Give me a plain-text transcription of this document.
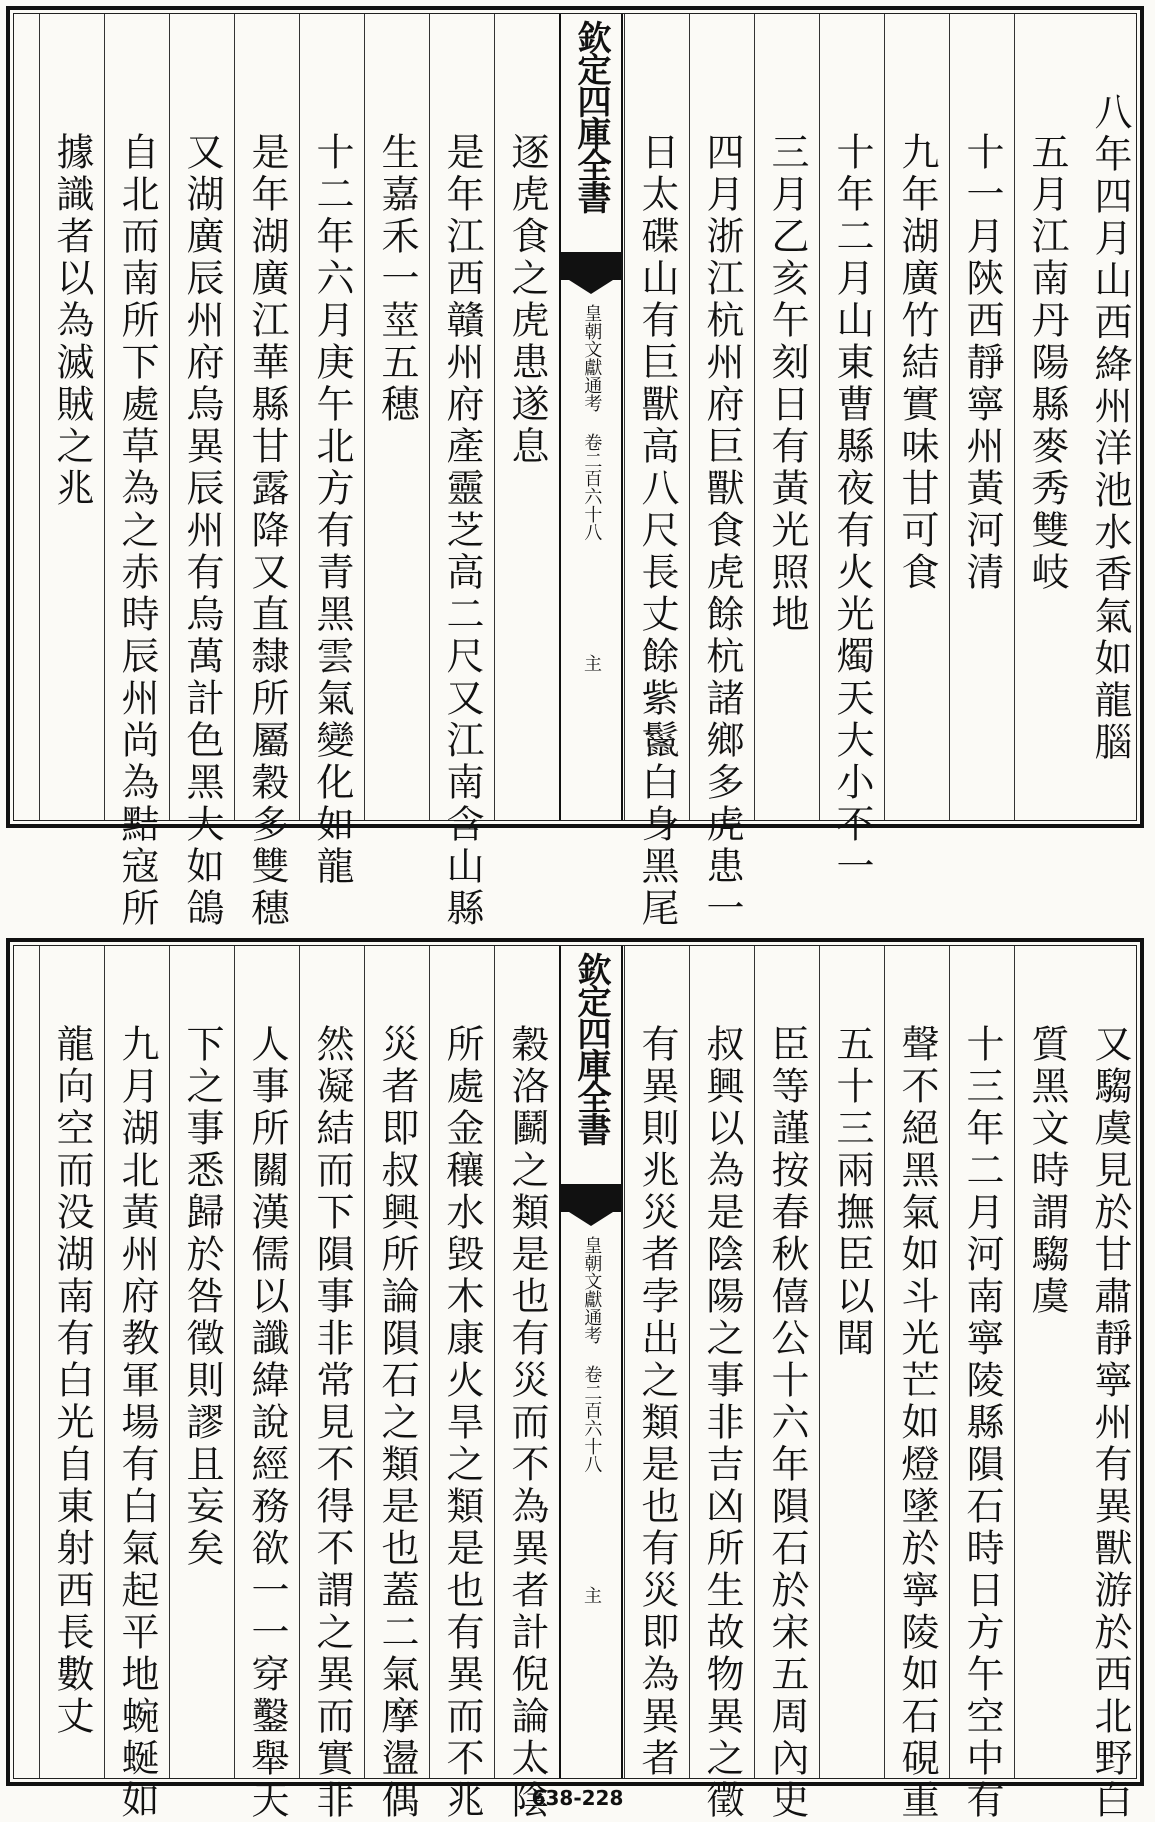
八年四月山西絳州洋池水香氣如龍腦
五月江南丹陽縣麥秀雙岐
十一月陝西靜寧州黃河清
九年湖廣竹結實味甘可食
十年二月山東曹縣夜有火光燭天大小不一
三月乙亥午刻日有黃光照地
四月浙江杭州府巨獸食虎餘杭諸鄉多虎患一
欽定四庫全書
皇朝文獻通考 卷二百六十八
主 日太碟山有巨獸高八尺長丈餘紫鬣白身黑尾
逐虎食之虎患遂息
是年江西贛州府產靈芝高二尺又江南含山縣
生嘉禾一莖五穗
十二年六月庚午北方有青黑雲氣變化如龍
是年湖廣江華縣甘露降又直隸所屬穀多雙穗
又湖廣辰州府烏異辰州有烏萬計色黑大如鴿
自北而南所下處草為之赤時辰州尚為黠寇所
據識者以為滅賊之兆
又騶虞見於甘肅靜寧州有異獸游於西北野白
質黑文時謂騶虞
十三年二月河南寧陵縣隕石時日方午空中有
聲不絕黑氣如斗光芒如燈墜於寧陵如石硯重
五十三兩撫臣以聞
臣等謹按春秋僖公十六年隕石於宋五周內史
叔興以為是陰陽之事非吉凶所生故物異之徵
欽定四庫全書
皇朝文獻通考 卷二百六十八
主 有異則兆災者孛出之類是也有災即為異者
穀洛鬬之類是也有災而不為異者計倪論太陰
所處金穰水毀木康火旱之類是也有異而不兆
災者即叔興所論隕石之類是也蓋二氣摩盪偶
然凝結而下隕事非常見不得不謂之異而實非
人事所關漢儒以讖緯說經務欲一一穿鑿舉天
下之事悉歸於咎徵則謬且妄矣
九月湖北黃州府教軍場有白氣起平地蜿蜒如
龍向空而没湖南有白光自東射西長數丈
638-228
